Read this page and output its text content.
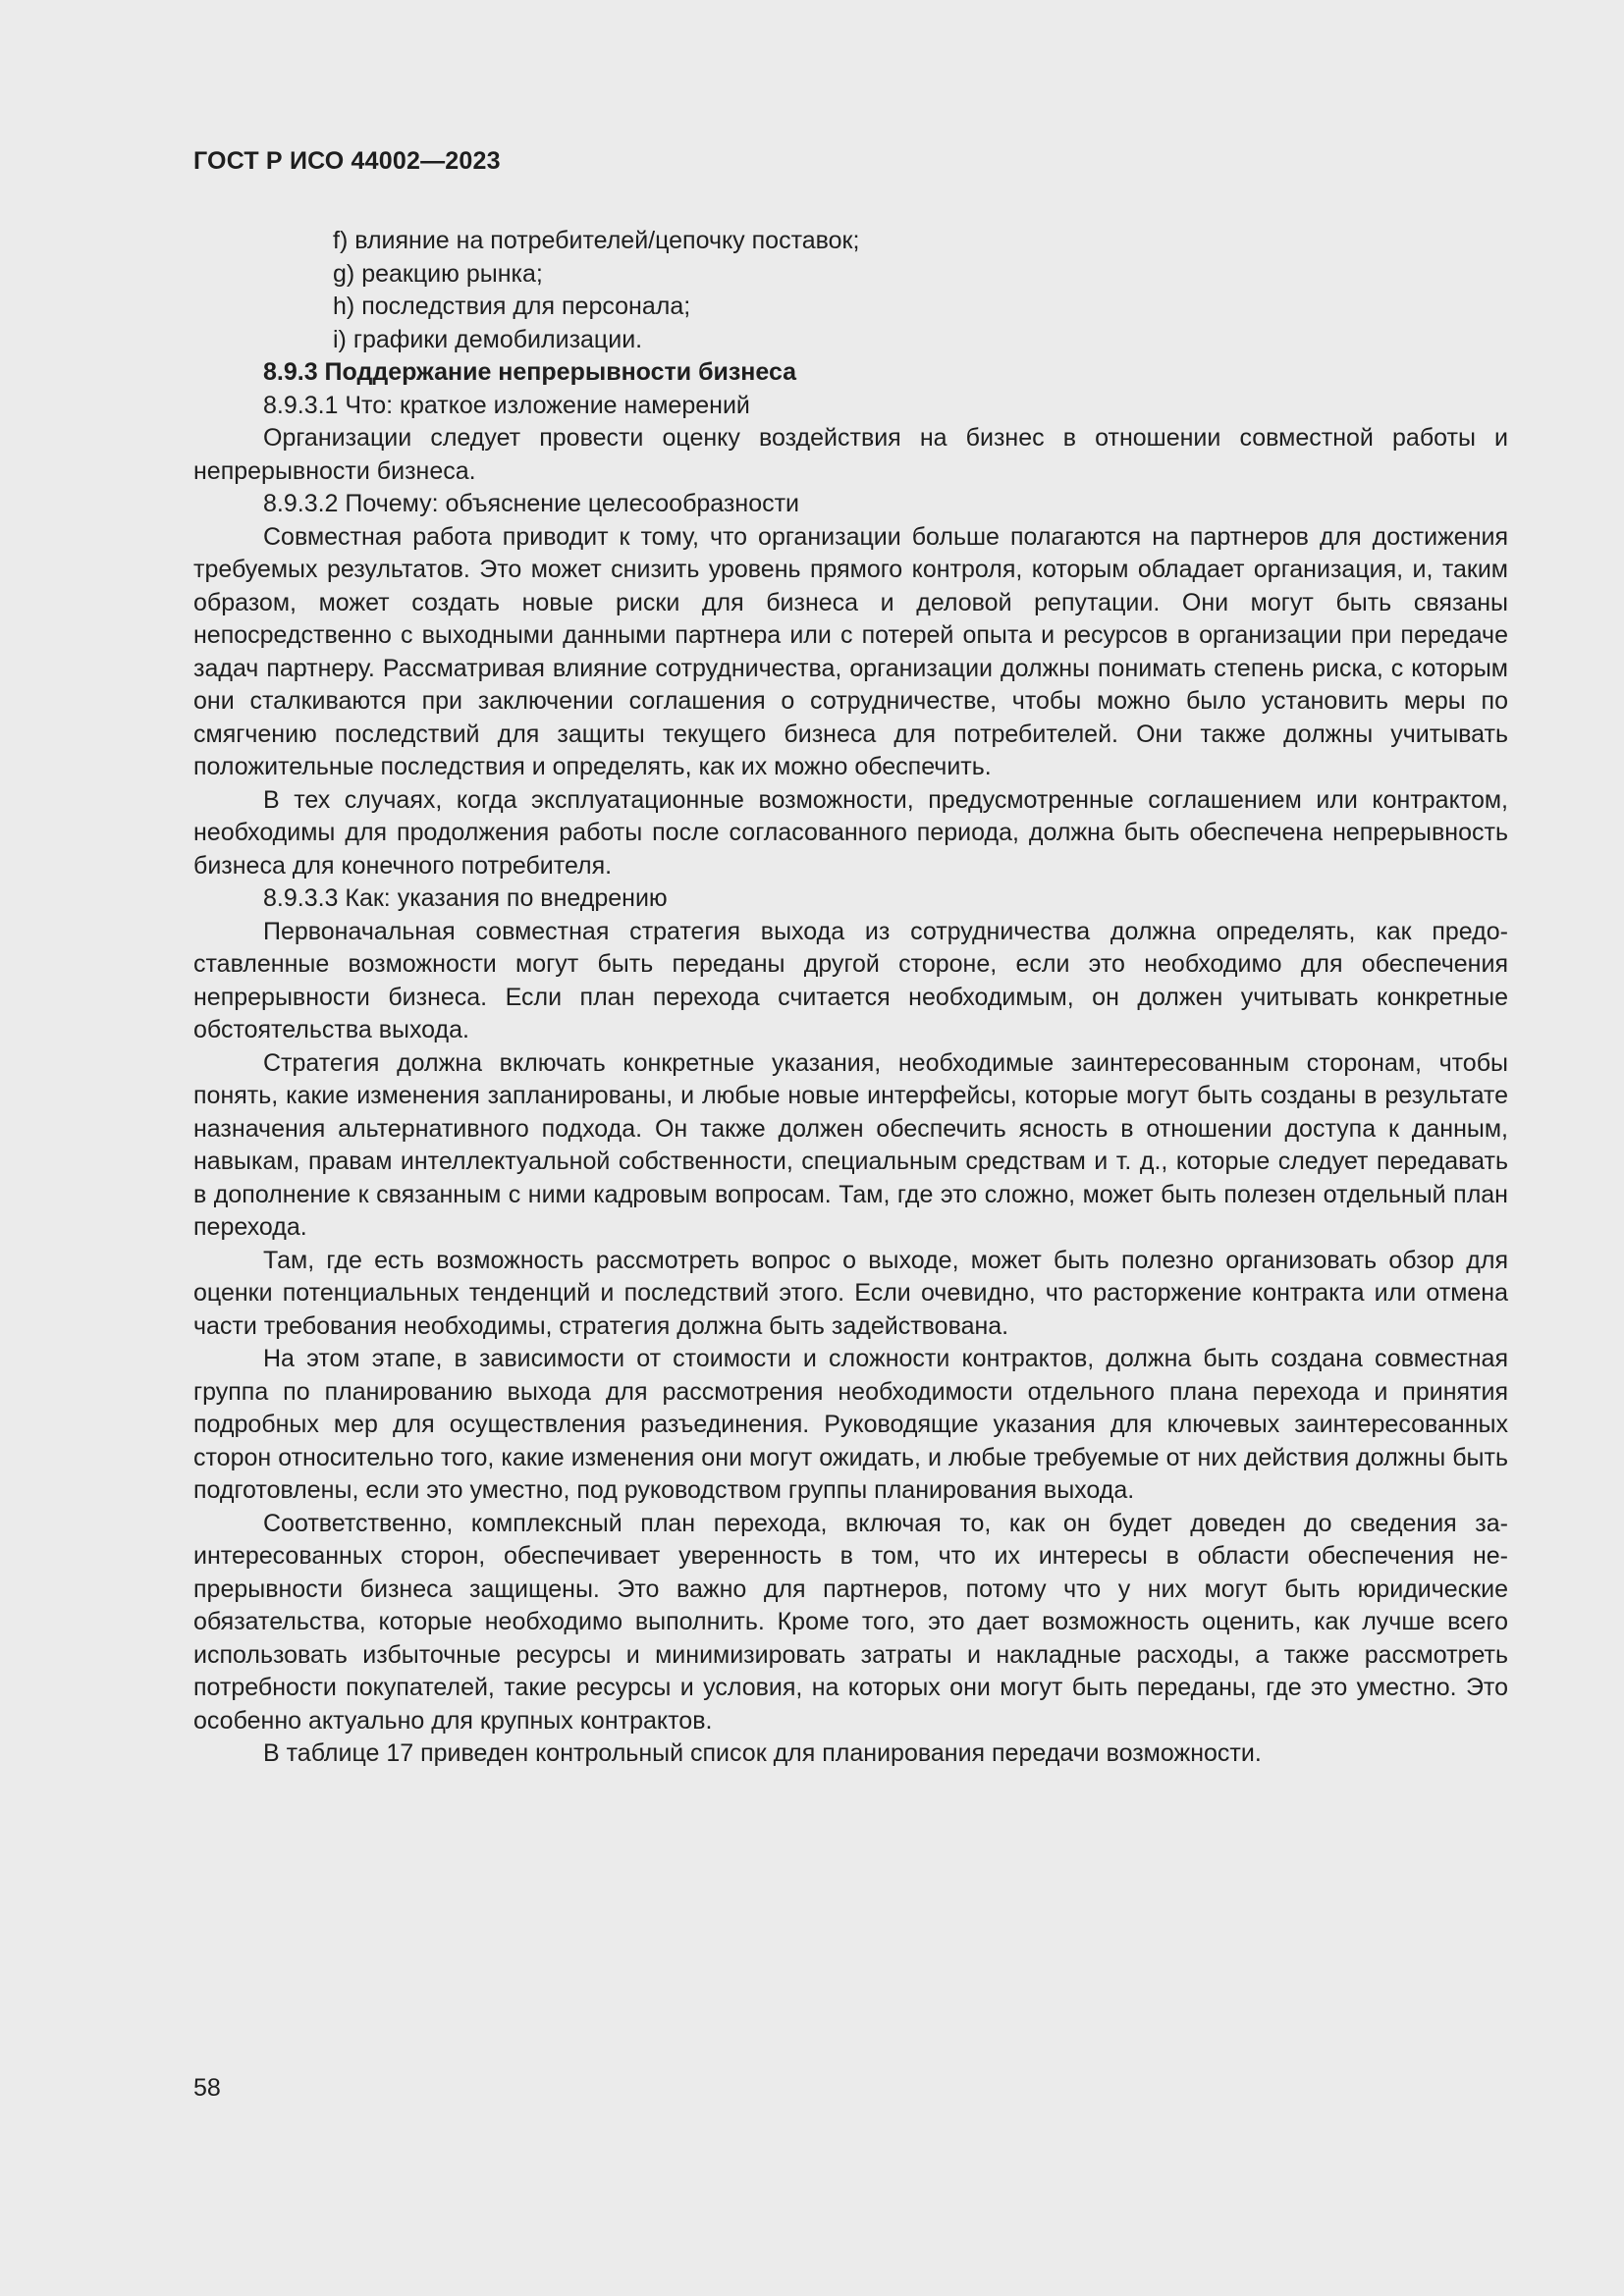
ГОСТ Р ИСО 44002—2023

f) влияние на потребителей/цепочку поставок;

g) реакцию рынка;

h) последствия для персонала;

i) графики демобилизации.

8.9.3 Поддержание непрерывности бизнеса

8.9.3.1 Что: краткое изложение намерений

Организации следует провести оценку воздействия на бизнес в отношении совместной работы и непрерывности бизнеса.

8.9.3.2 Почему: объяснение целесообразности

Совместная работа приводит к тому, что организации больше полагаются на партнеров для достижения требуемых результатов. Это может снизить уровень прямого контроля, которым обладает организация, и, таким образом, может создать новые риски для бизнеса и деловой репутации. Они могут быть связаны непосредственно с выходными данными партнера или с потерей опыта и ресурсов в организации при передаче задач партнеру. Рассматривая влияние сотрудничества, организации должны понимать степень риска, с которым они сталкиваются при заключении соглашения о сотрудничестве, чтобы можно было установить меры по смягчению последствий для защиты текущего бизнеса для потребителей. Они также должны учитывать положительные последствия и определять, как их можно обеспечить.

В тех случаях, когда эксплуатационные возможности, предусмотренные соглашением или контрактом, необходимы для продолжения работы после согласованного периода, должна быть обеспечена непрерывность бизнеса для конечного потребителя.

8.9.3.3 Как: указания по внедрению

Первоначальная совместная стратегия выхода из сотрудничества должна определять, как предоставленные возможности могут быть переданы другой стороне, если это необходимо для обеспечения непрерывности бизнеса. Если план перехода считается необходимым, он должен учитывать конкретные обстоятельства выхода.

Стратегия должна включать конкретные указания, необходимые заинтересованным сторонам, чтобы понять, какие изменения запланированы, и любые новые интерфейсы, которые могут быть созданы в результате назначения альтернативного подхода. Он также должен обеспечить ясность в отношении доступа к данным, навыкам, правам интеллектуальной собственности, специальным средствам и т. д., которые следует передавать в дополнение к связанным с ними кадровым вопросам. Там, где это сложно, может быть полезен отдельный план перехода.

Там, где есть возможность рассмотреть вопрос о выходе, может быть полезно организовать обзор для оценки потенциальных тенденций и последствий этого. Если очевидно, что расторжение контракта или отмена части требования необходимы, стратегия должна быть задействована.

На этом этапе, в зависимости от стоимости и сложности контрактов, должна быть создана совместная группа по планированию выхода для рассмотрения необходимости отдельного плана перехода и принятия подробных мер для осуществления разъединения. Руководящие указания для ключевых заинтересованных сторон относительно того, какие изменения они могут ожидать, и любые требуемые от них действия должны быть подготовлены, если это уместно, под руководством группы планирования выхода.

Соответственно, комплексный план перехода, включая то, как он будет доведен до сведения заинтересованных сторон, обеспечивает уверенность в том, что их интересы в области обеспечения непрерывности бизнеса защищены. Это важно для партнеров, потому что у них могут быть юридические обязательства, которые необходимо выполнить. Кроме того, это дает возможность оценить, как лучше всего использовать избыточные ресурсы и минимизировать затраты и накладные расходы, а также рассмотреть потребности покупателей, такие ресурсы и условия, на которых они могут быть переданы, где это уместно. Это особенно актуально для крупных контрактов.

В таблице 17 приведен контрольный список для планирования передачи возможности.

58
